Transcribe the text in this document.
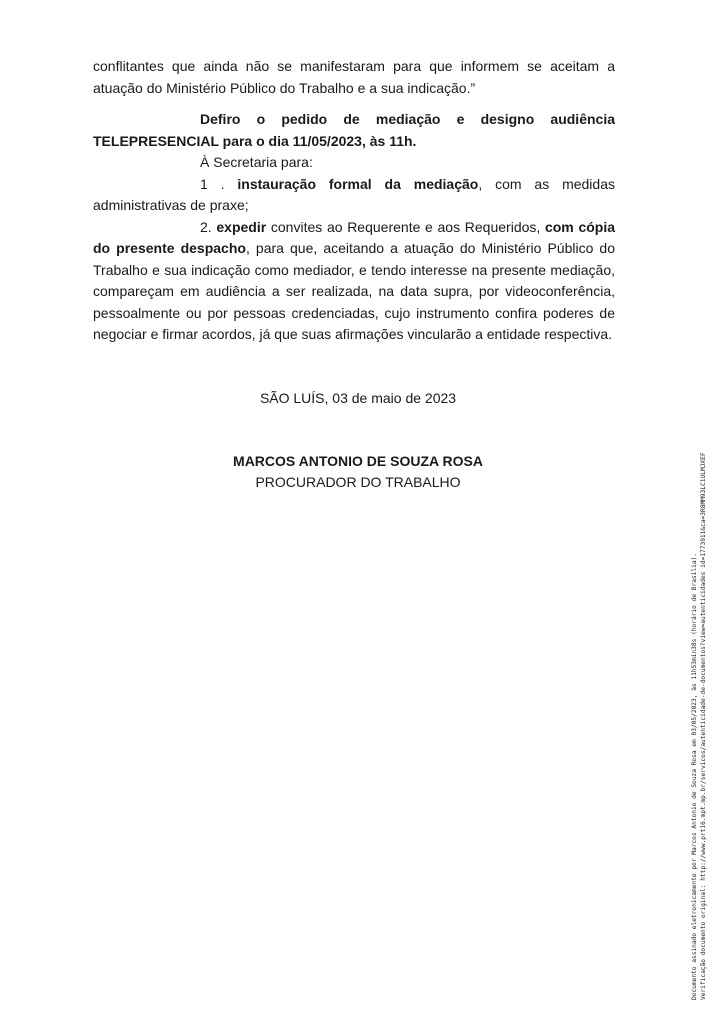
conflitantes que ainda não se manifestaram para que informem se aceitam a atuação do Ministério Público do Trabalho e a sua indicação.”

Defiro o pedido de mediação e designo audiência TELEPRESENCIAL para o dia 11/05/2023, às 11h.

À Secretaria para:

1 . instauração formal da mediação, com as medidas administrativas de praxe;

2. expedir convites ao Requerente e aos Requeridos, com cópia do presente despacho, para que, aceitando a atuação do Ministério Público do Trabalho e sua indicação como mediador, e tendo interesse na presente mediação, compareçam em audiência a ser realizada, na data supra, por videoconferência, pessoalmente ou por pessoas credenciadas, cujo instrumento confira poderes de negociar e firmar acordos, já que suas afirmações vincularão a entidade respectiva.

SÃO LUÍS, 03 de maio de 2023
MARCOS ANTONIO DE SOUZA ROSA
PROCURADOR DO TRABALHO
Documento assinado eletronicamente por Marcos Antonio de Souza Rosa em 03/05/2023, às 11h53min38s (horário de Brasília). Verificação documento original: http://www.prt16.mpt.mp.br/servicos/autenticidade-de-documentos?view=autenticidades id=1773911&ca=3R8MM93LC1ULMJXEF
